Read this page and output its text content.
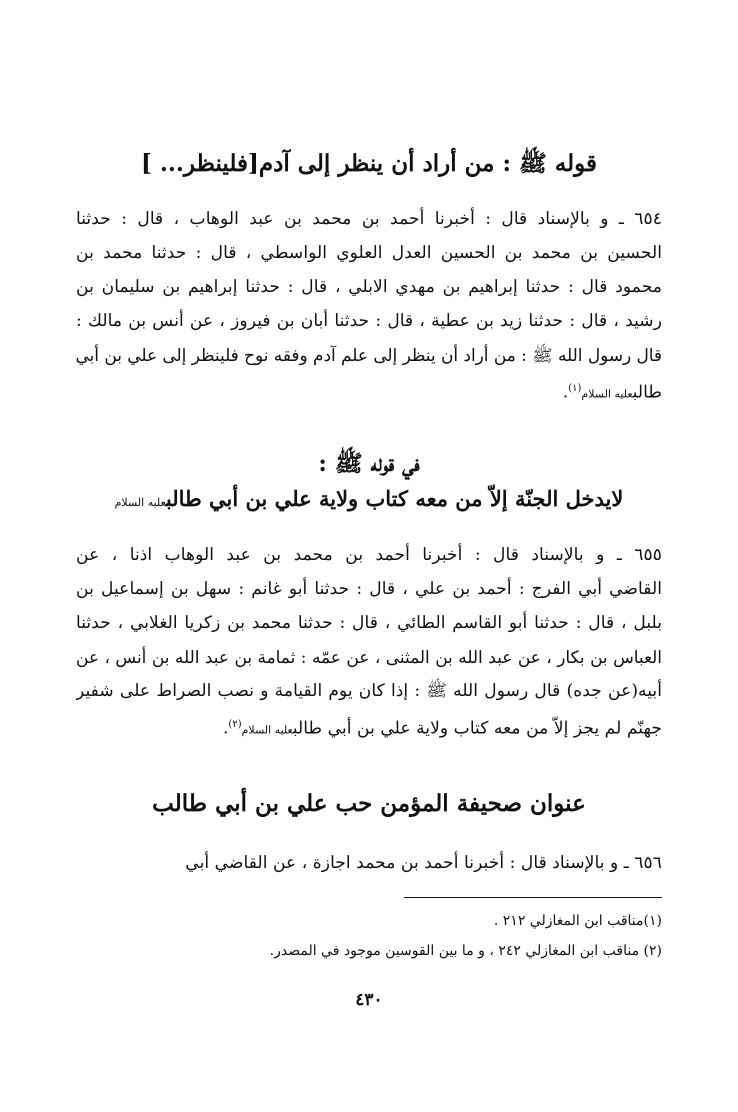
قوله ﷺ : من أراد أن ينظر إلى آدم[فلينظر... ]
٦٥٤ ـ و بالإسناد قال : أخبرنا أحمد بن محمد بن عبد الوهاب ، قال : حدثنا
الحسين بن محمد بن الحسين العدل العلوي الواسطي ، قال : حدثنا محمد بن
محمود قال : حدثنا إبراهيم بن مهدي الابلي ، قال : حدثنا إبراهيم بن سليمان بن
رشيد ، قال : حدثنا زيد بن عطية ، قال : حدثنا أبان بن فيروز ، عن أنس بن مالك :
قال رسول الله ﷺ : من أراد أن ينظر إلى علم آدم وفقه نوح فلينظر إلى علي بن أبي
طالبعليه السلام$^{(١)}$.
في قوله ﷺ :
لايدخل الجنّة إلاّ من معه كتاب ولاية علي بن أبي طالبعليه السلام
٦٥٥ ـ و بالإسناد قال : أخبرنا أحمد بن محمد بن عبد الوهاب اذنا ، عن
القاضي أبي الفرج : أحمد بن علي ، قال : حدثنا أبو غانم : سهل بن إسماعيل بن
بلبل ، قال : حدثنا أبو القاسم الطائي ، قال : حدثنا محمد بن زكريا الغلابي ، حدثنا
العباس بن بكار ، عن عبد الله بن المثنى ، عن عمّه : ثمامة بن عبد الله بن أنس ، عن
أبيه(عن جده) قال رسول الله ﷺ : إذا كان يوم القيامة و نصب الصراط على شفير
جهنّم لم يجز إلاّ من معه كتاب ولاية علي بن أبي طالبعليه السلام$^{(٢)}$.
عنوان صحيفة المؤمن حب علي بن أبي طالب
٦٥٦ ـ و بالإسناد قال : أخبرنا أحمد بن محمد اجازة ، عن القاضي أبي
(١)مناقب ابن المغازلي ٢١٢ .
(٢) مناقب ابن المغازلي ٢٤٢ ، و ما بين القوسين موجود في المصدر.
٤٣٠
